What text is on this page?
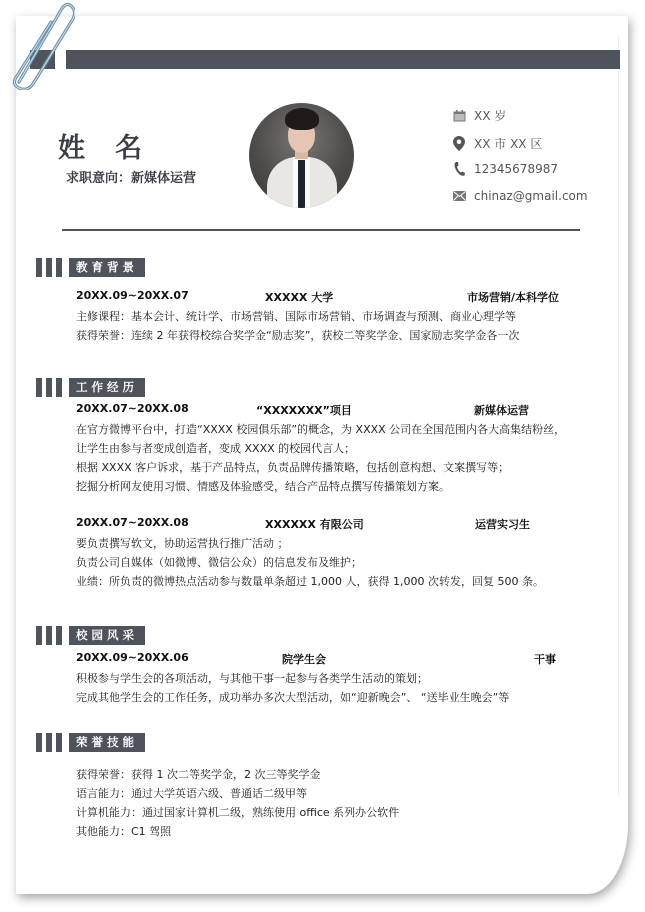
姓名
求职意向：新媒体运营
XX 岁
XX 市 XX 区
12345678987
chinaz@gmail.com
教育背景
20XX.09~20XX.07	XXXXX 大学	市场营销/本科学位
主修课程：基本会计、统计学、市场营销、国际市场营销、市场调查与预测、商业心理学等
获得荣誉：连续 2 年获得校综合奖学金“励志奖”，获校二等奖学金、国家励志奖学金各一次
工作经历
20XX.07~20XX.08	“XXXXXXX”项目	新媒体运营
在官方微博平台中，打造“XXXX 校园俱乐部”的概念，为 XXXX 公司在全国范围内各大高集结粉丝，
让学生由参与者变成创造者，变成 XXXX 的校园代言人；
根据 XXXX 客户诉求，基于产品特点，负责品牌传播策略，包括创意构想、文案撰写等；
挖掘分析网友使用习惯、情感及体验感受，结合产品特点撰写传播策划方案。
20XX.07~20XX.08	XXXXXX 有限公司	运营实习生
要负责撰写软文，协助运营执行推广活动 ；
负责公司自媒体（如微博、微信公众）的信息发布及维护；
业绩：所负责的微博热点活动参与数量单条超过 1,000 人，获得 1,000 次转发，回复 500 条。
校园风采
20XX.09~20XX.06	院学生会	干事
积极参与学生会的各项活动，与其他干事一起参与各类学生活动的策划；
完成其他学生会的工作任务，成功举办多次大型活动，如“迎新晚会”、 “送毕业生晚会”等
荣誉技能
获得荣誉：获得 1 次二等奖学金，2 次三等奖学金
语言能力：通过大学英语六级、普通话二级甲等
计算机能力：通过国家计算机二级，熟练使用 office 系列办公软件
其他能力：C1 驾照
